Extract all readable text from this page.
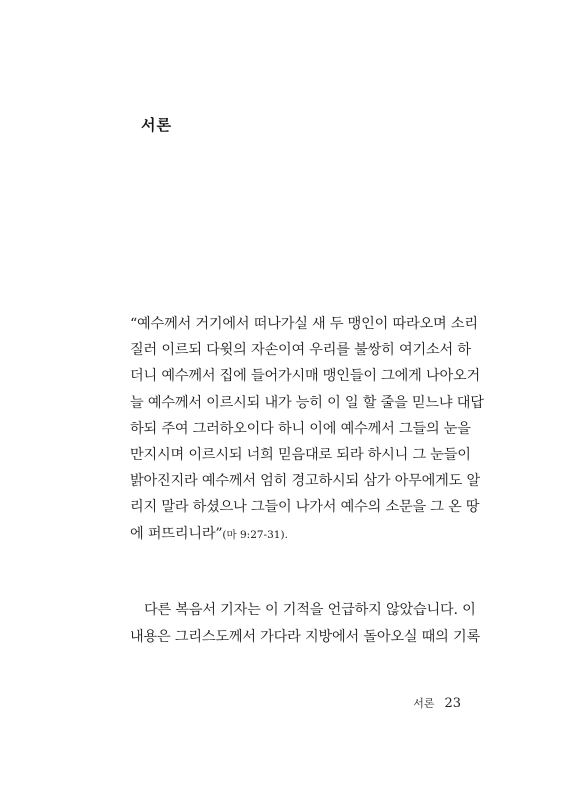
서론
“예수께서 거기에서 떠나가실 새 두 맹인이 따라오며 소리
질러 이르되 다윗의 자손이여 우리를 불쌍히 여기소서 하
더니 예수께서 집에 들어가시매 맹인들이 그에게 나아오거
늘 예수께서 이르시되 내가 능히 이 일 할 줄을 믿느냐 대답
하되 주여 그러하오이다 하니 이에 예수께서 그들의 눈을
만지시며 이르시되 너희 믿음대로 되라 하시니 그 눈들이
밝아진지라 예수께서 엄히 경고하시되 삼가 아무에게도 알
리지 말라 하셨으나 그들이 나가서 예수의 소문을 그 온 땅
에 퍼뜨리니라”(마 9:27-31).
다른 복음서 기자는 이 기적을 언급하지 않았습니다. 이
내용은 그리스도께서 가다라 지방에서 돌아오실 때의 기록
서론 23
